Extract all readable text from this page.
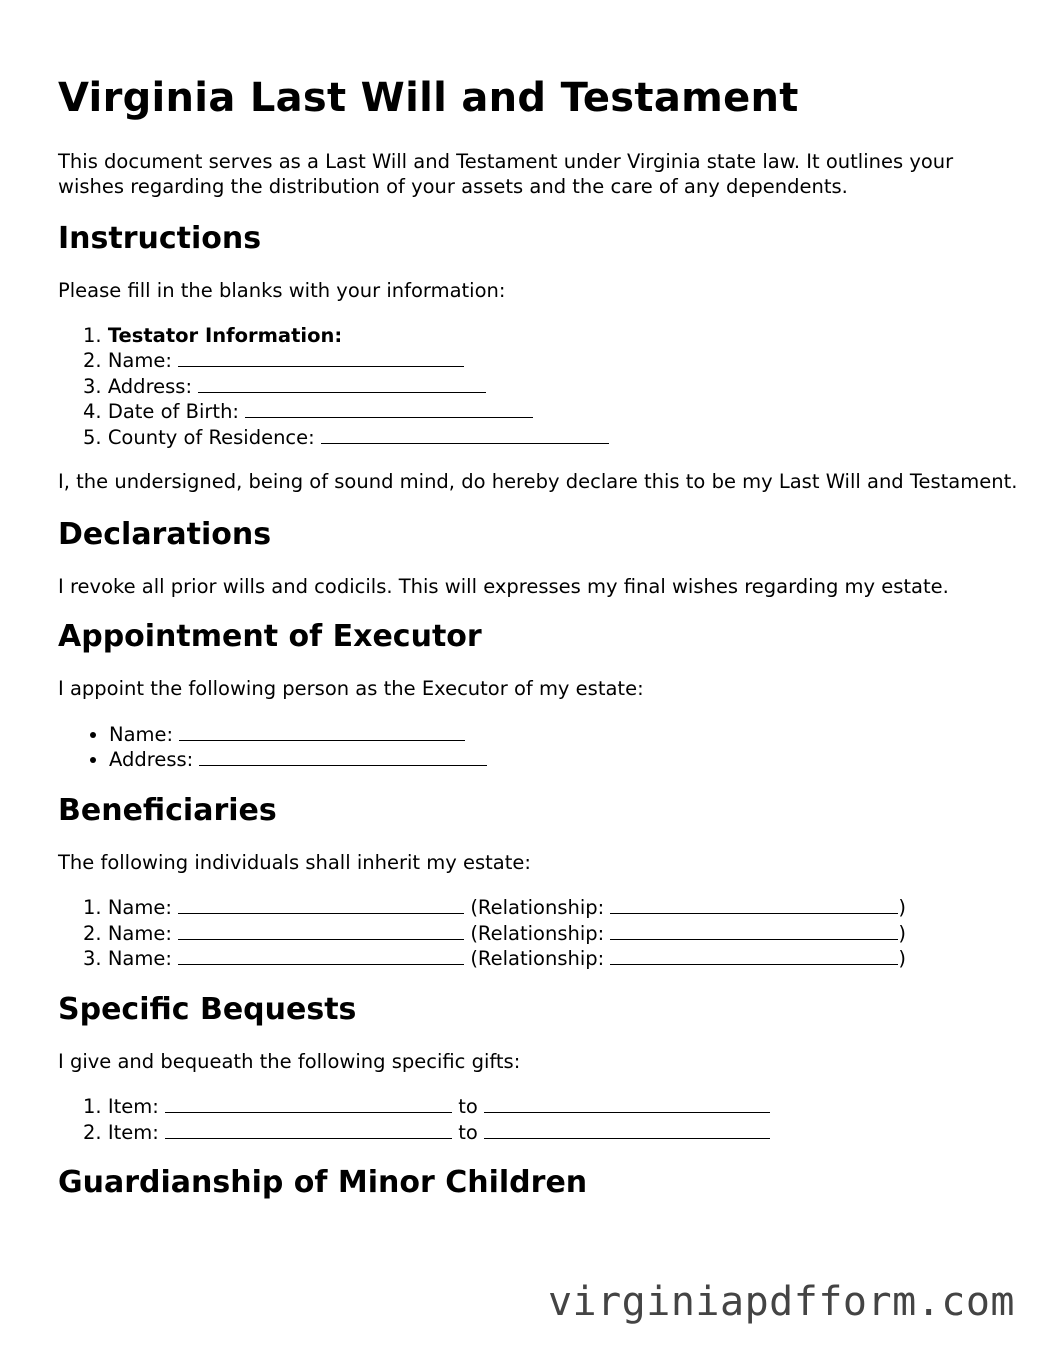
Virginia Last Will and Testament

This document serves as a Last Will and Testament under Virginia state law. It outlines your wishes regarding the distribution of your assets and the care of any dependents.

Instructions

Please fill in the blanks with your information:

1. Testator Information:
2. Name:
3. Address:
4. Date of Birth:
5. County of Residence:

I, the undersigned, being of sound mind, do hereby declare this to be my Last Will and Testament.

Declarations

I revoke all prior wills and codicils. This will expresses my final wishes regarding my estate.

Appointment of Executor

I appoint the following person as the Executor of my estate:

• Name:
• Address:
Beneficiaries

The following individuals shall inherit my estate:

1. Name:	(Relationship:	)
2. Name:	(Relationship:	)
3. Name:	(Relationship:	)
Specific Bequests

I give and bequeath the following specific gifts:

1. Item:	to
2. Item:	to
Guardianship of Minor Children
virginiapdfform.com
